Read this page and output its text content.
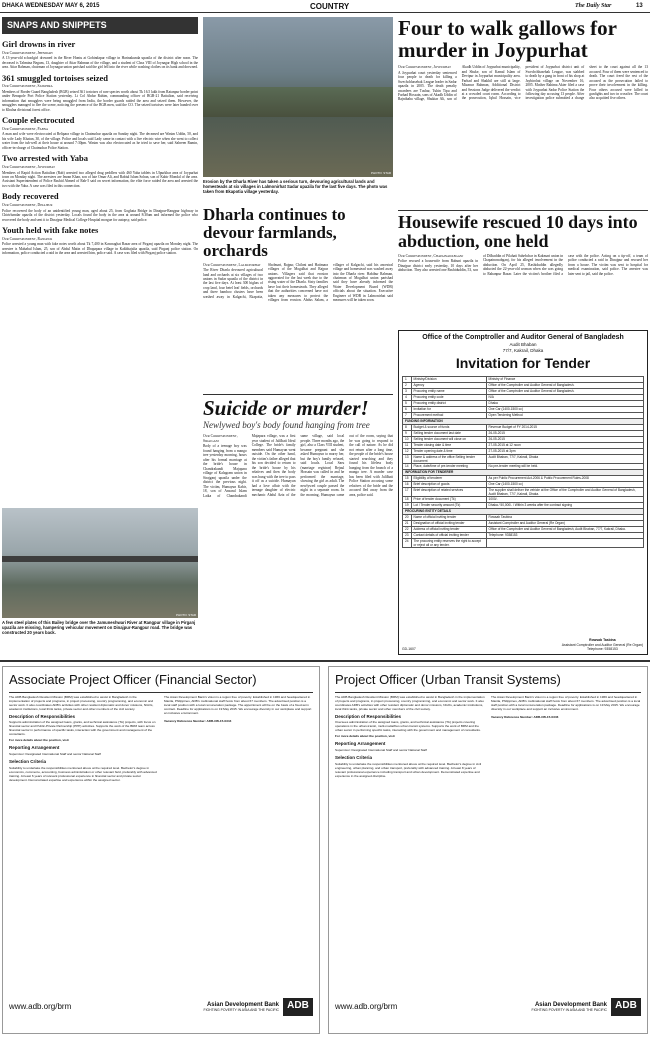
DHAKA WEDNESDAY MAY 6, 2015	COUNTRY	The Daily Star	13
SNAPS AND SNIPPETS
Girl drowns in river
Our Correspondent, Jhenidah
A 13-year-old schoolgirl drowned in the River Hontu at Gobindapur village in Harinakunda upazila of the district after noon. The deceased is Tahmina Begum, 13, daughter of Atiar Rahman of the village, and a student of Class VIII of Joynagar High school in the area. Atiar Rahman, chairman of Joynagar union parishad said the girl fell into the river while washing clothes on its bank and drowned.
361 smuggled tortoises seized
Our Correspondent, Satkhira
Members of Border Guard Bangladesh (BGB) seized 361 tortoises of rare species worth about Tk 16.5 lakh from Ratanpur border point under Benapole Port Police Station yesterday. Lt Col Abdur Rahim, commanding officer of BGB-21 Battalion, said receiving information that smugglers were being smuggled from India, the border guards raided the area and seized them. However, the smugglers managed to flee the scene, noticing the presence of the BGB men, said the CO. The seized tortoises were later handed over to Khulna divisional forest office.
Couple electrocuted
Our Correspondent, Pabna
A man and wife were electrocuted at Beltpara village in Chatmohar upazila on Sunday night. The deceased are Wasim Uddin, 50, and his wife Lady Khatun, 30, of the village. Police and locals said Lady came in contact with a live electric wire when she went to collect water from the tub-well at their house at around 7:30pm. Wasim was also electrocuted as he tried to save her, said Sahreen Ramin, officer-in-charge of Chatmohar Police Station.
Two arrested with Yaba
Our Correspondent, Joypurhat
Members of Rapid Action Battalion (Rab) arrested two alleged drug peddlers with 460 Yaba tablets in Ulpurkhar area of Joypurhat town on Monday night. The arrestees are Imran Khan, son of late Omar Ali, and Rabiul Islam Sohan, son of Kabir Mondal of the area. Assistant Superintendent of Police Rashid Ahmed of Rab-5 said on secret information, the elite force raided the area and arrested the two with the Yaba. A case was filed in this connection.
Body recovered
Our Correspondent, Dinajpur
Police recovered the body of an unidentified young man, aged about 25, from Goghata Bridge in Dinajpur-Rangpur highway in Chirirbandar upazila of the district yesterday. Locals found the body in the area at around 8:30am and informed the police who recovered the body and sent it to Dinajpur Medical College Hospital morgue for autopsy, said police.
Youth held with fake notes
Our Correspondent, Rangpur
Police arrested a young man with fake notes worth about Tk 7,400 in Kawnaghat Bazar area of Pirganj upazila on Monday night. The arrestee is Mahabul Islam, 25, son of Abdul Matin of Dhapapara village in Kakbhajalia upazila, said Pirganj police station. On information, police conducted a raid in the area and arrested him, police said. A case was filed with Pirganj police station.
PHOTO: STAR
A few steel plates of this Bailey bridge over the Jamuneshwari River at Rangpur village in Pirganj upazila are missing, hampering vehicular movement on Dinajpur-Rangpur road. The bridge was constructed 20 years back.
PHOTO: STAR
Erosion by the Dharla River has taken a serious turn, devouring agricultural lands and homesteads at six villages in Lalmonirhat Sadar upazila for the last five days. The photo was taken from Ekapotia village yesterday.
Dharla continues to devour farmlands, orchards
Our Correspondent, Lalmonirhat
The River Dharla devoured agricultural land and orchards at six villages of two unions in Sadar upazila of the district in the last five days. At least 300 bighas of crop land, four betel leaf fields, orchards and three bamboo clusters have been washed away in Kalgachi, Ekapotia, Sholmari, Rajpur, Chiloni and Hatimara villages of the Mogalhat and Rajpur unions. Villagers said that erosion aggravated for the last week due to the rising water of the Dharla. Sixty families have lost their homesteads. They alleged that the authorities concerned have not taken any measures to protect the villages from erosion. Abdus Salam, a villager of Kalgachi, said his ancestral village and homestead was washed away into the Dharla river. Habibur Rahman, chairman of Mogalhat union parishad said they have already informed the Water Development Board (WDB) officials about the situation. Executive Engineer of WDB in Lalmonirhat said measures will be taken soon.
Suicide or murder!
Newlywed boy's body found hanging from tree
Our Correspondent, Sirajganj
Body of a teenage boy was found hanging from a mango tree yesterday morning, hours after his formal marriage at the bride's house in Chandrakandi Majapara village of Kalagram union in Sirajganj upazila under the district the previous night. The victim, Humayun Kabir, 18, son of Ansarul Islam Laika of Chandrakandi Majapara village, was a first year student of Jalilbati Ideal College. The bride's family members said Humayun went outside. On the other hand, the victim's father alleged that his son decided to return to the bride's house by his relatives and then the body was hung with the tree to pass it off as a suicide. Humayun had a love affair with the teenage daughter of electric mechanic Abdul Aziz of the same village, said local people. Three months ago, the girl, also a Class VIII student, became pregnant and she asked Humayun to marry her, but the boy's family refused, said locals. Local Saru (marriage registrar) Rejaul Hossain was called in and he performed the marriage, showing the girl as adult. The newlywed couple passed the night in a separate room. In the morning, Humayun came out of the room, saying that he was going to respond to the call of nature. As he did not return after a long time, the people of the bride's house started searching and they found his lifeless body hanging from the branch of a mango tree. A murder case has been filed with Jalilbati Police Station accusing some relatives of the bride and the accused fled away from the area, police said.
Four to walk gallows for murder in Joypurhat
Our Correspondent, Joypurhat
A Joypurhat court yesterday sentenced four people to death for killing a Swechchhasebak League leader in Sadar upazila in 2005. The death penalty awardees are Tushar, Tuhin Tipu and Farhad Hossain, sons of Akadh Uddin of Rajnibaha village, Shuktar Ali, son of Akadh Uddin of Joypurhat municipality, and Shuke, son of Kamal Islam of Devipur in Joypurhat municipality area. Farhad and Shakhil are still at large. Mizanur Rahman, Additional District and Sessions Judge delivered the verdict at a crowded court room. According to the prosecution, Iqbal Hossain, vice president of Joypurhat district unit of Swechchhasebak League, was stabbed to death by a gang in front of his shop at Jaybirohat village on November 16, 2005. Mother Rahima Akter filed a case with Joypurhat Sadar Police Station the following day accusing 13 people. After investigation police submitted a charge sheet to the court against all the 13 accused. Four of them were sentenced to death. The court freed the rest of the accused as the prosecution failed to prove their involvement in the killing. Four others accused were killed in gunfights and two in crossfire. The court also acquitted five others.
Housewife rescued 10 days into abduction, one held
Our Correspondent, Chapainawabganj
Police rescued a housewife from Rabuni upazila in Dinajpur district early yesterday, 10 days after her abduction. They also arrested one Rashiduddin, 53, son of Dilbaddin of Pilahati Sahebchar in Kakmari union in Chapainawabganj, for his alleged involvement in the abduction. On April 25, Rashiduddin allegedly abducted the 22-year-old woman when she was going to Rahanpur Bazar. Later the victim's brother filed a case with the police. Acting on a tip-off, a team of police conducted a raid in Dinajpur and rescued her from a house. The victim was sent to hospital for medical examination, said police. The arrestee was later sent to jail, said the police.
Office of the Comptroller and Auditor General of Bangladesh
Audit Bhaban
77/7, Kakrail, Dhaka
Invitation for Tender
1	Ministry/Division	Ministry of Finance
2	Agency	Office of the Comptroller and Auditor General of Bangladesh.
3	Procuring entity name	Office of the Comptroller and Auditor General of Bangladesh.
4	Procuring entity code	N/A
5	Procuring entity district	Dhaka
6	Invitation for	One Car (1400-1500 cc)
7	Procurement method	Open Tendering Method
FUNDING INFORMATION		
8	Budget & source of funds	Revenue Budget of FY 2014-2015
9	Selling tender document last date	26-05-2015
10	Selling tender document will close on	26-05-2015
11	Tender closing date & time	27-05-2015 at 12 noon
12	Tender opening date & time	27-05-2015 at 3pm
13	Name & address of the office Selling tender document	Audit Bhaban, 77/7, Kakrail, Dhaka
14	Place, date/time of pre-tender meeting	No pre-tender meeting will be held.
INFORMATION FOR TENDERER		
15	Eligibility of tenderer	As per Public Procurement Act-2006 & Public Procurement Rules-2008
16	Brief description of goods	One Car (1400-1500 cc)
17	Brief description of related services	The supplier shall deliver the vehicle at the Office of the Comptroller and Auditor General of Bangladesh, Audit Bhaban, 77/7, Kakrail, Dhaka.
18	Price of tender document (Tk)	1000/-
19	Lot / Tender security amount (Tk)	Dhaka / 50,000/- / Within 3 weeks after the contract signing
PROCURING ENTITY DETAILS		
20	Name of official inviting tender	Rowsab Tasbina
21	Designation of official inviting tender	Assistant Comptroller and Auditor General (Re Organ)
22	Address of official inviting tender	Office of the Comptroller and Auditor General of Bangladesh, Audit Bhaban, 77/7, Kakrail, Dhaka.
23	Contact details of official inviting tender	Telephone: 9358153
24	The procuring entity reserves the right to accept or reject all or any tender.	
GD-1607
Rowsab Tasbina
Assistant Comptroller and Auditor General (Re Organ)
Telephone: 9358153
Associate Project Officer (Financial Sector)
The ADB Bangladesh Resident Mission (BRM) was established to assist in Bangladesh in the implementation of projects and programs, in project processing, country programming, and economic and sector work. It also coordinates ADB's activities with other resident diplomatic and donor missions, NGOs, academic institutions, local think tanks, private sector and other members of the civil society.
Description of Responsibilities
Supports administration of the assigned loans, grants, and technical assistance (TA) projects, with focus on financial sector and Public-Private Partnership (PPP) activities. Supports the work of the BRM team across financial sector in performance of specific tasks, interaction with the government and management of the consultants.
For more details about the position, visit
Reporting Arrangement
Supervisor: Designated International Staff and senior National Staff
Selection Criteria
Suitability to undertake the responsibilities mentioned above at the required level. Bachelor's degree in economics, commerce, accounting, business administration or other relevant field, preferably with advanced training. At least 6 years of relevant professional experience in financial sector and private sector development. Demonstrated expertise and experience within the assigned sector.
The Asian Development Bank's vision is a region free of poverty. Established in 1966 and headquartered in Manila, Philippines, ADB's multinational staff hosts from about 67 members. The advertised position is a local staff position with a local remuneration package. The appointment will be on the basis of a fixed-term contract. Deadline for applications is on 19 May 2015. We encourage diversity in our workplace and support an inclusive environment.
Vacancy Reference Number: ADB-OB-15-0344
www.adb.org/brm	Asian Development Bank
FIGHTING POVERTY IN ASIA AND THE PACIFIC ADB
Project Officer (Urban Transit Systems)
The ADB Bangladesh Resident Mission (BRM) was established to assist in Bangladesh in the implementation of projects and programs, in project processing, country programming, and economic and sector work. It also coordinates ADB's activities with other resident diplomatic and donor missions, NGOs, academic institutions, local think tanks, private sector and other members of the civil society.
Description of Responsibilities
Oversees administration of the assigned loans, grants, and technical assistance (TA) projects covering operations in the urban-transit, multi-modal/bus urban transit systems. Supports the work of BRM and the urban sector in performing specific tasks, interacting with the government and management of consultants.
For more details about the position, visit
Reporting Arrangement
Supervisor: Designated International Staff and senior National Staff
Selection Criteria
Suitability to undertake the responsibilities mentioned above at the required level. Bachelor's degree in civil engineering, urban planning, and urban transport, preferably with advanced training. At least 8 years of relevant professional experience including transport and urban development. Demonstrated expertise and experience in the assigned discipline.
The Asian Development Bank's vision is a region free of poverty. Established in 1966 and headquartered in Manila, Philippines, ADB's multinational staff hosts from about 67 members. The advertised position is a local staff position with a local remuneration package. Deadline for applications is on 19 May 2015. We encourage diversity in our workplace and support an inclusive environment.
Vacancy Reference Number: ADB-OB-15-0346
www.adb.org/brm	Asian Development Bank
FIGHTING POVERTY IN ASIA AND THE PACIFIC ADB
